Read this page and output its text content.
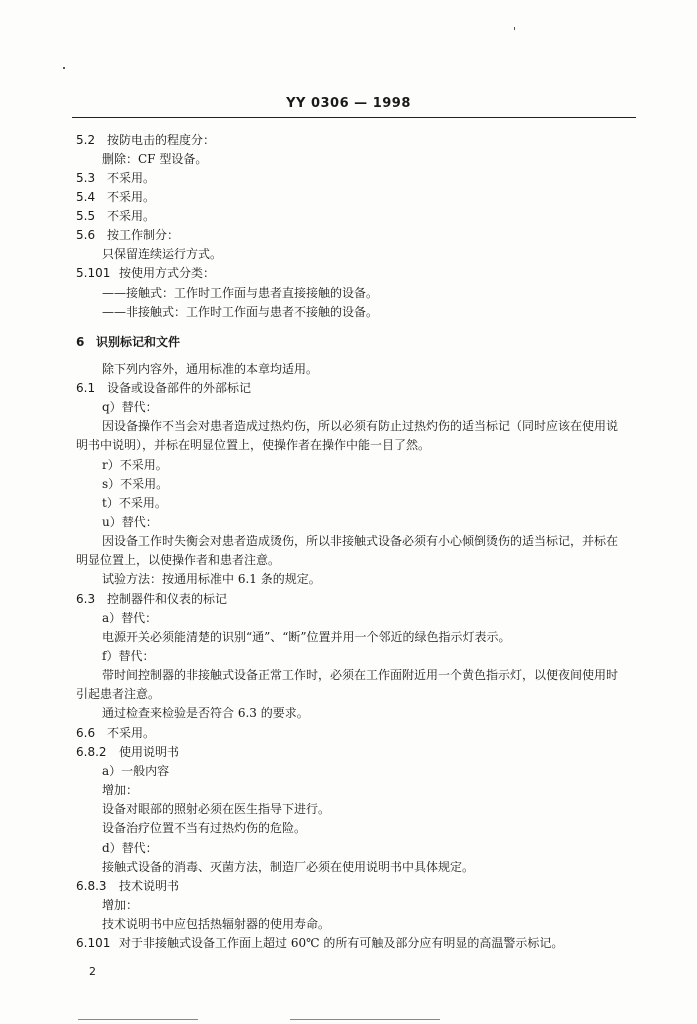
YY 0306 — 1998
5.2 按防电击的程度分：
删除：CF 型设备。
5.3 不采用。
5.4 不采用。
5.5 不采用。
5.6 按工作制分：
只保留连续运行方式。
5.101 按使用方式分类：
——接触式：工作时工作面与患者直接接触的设备。
——非接触式：工作时工作面与患者不接触的设备。
6 识别标记和文件
除下列内容外，通用标准的本章均适用。
6.1 设备或设备部件的外部标记
q）替代：
因设备操作不当会对患者造成过热灼伤，所以必须有防止过热灼伤的适当标记（同时应该在使用说
明书中说明），并标在明显位置上，使操作者在操作中能一目了然。
r）不采用。
s）不采用。
t）不采用。
u）替代：
因设备工作时失衡会对患者造成烫伤，所以非接触式设备必须有小心倾倒烫伤的适当标记，并标在
明显位置上，以使操作者和患者注意。
试验方法：按通用标准中 6.1 条的规定。
6.3 控制器件和仪表的标记
a）替代：
电源开关必须能清楚的识别“通”、“断”位置并用一个邻近的绿色指示灯表示。
f）替代：
带时间控制器的非接触式设备正常工作时，必须在工作面附近用一个黄色指示灯，以便夜间使用时
引起患者注意。
通过检查来检验是否符合 6.3 的要求。
6.6 不采用。
6.8.2 使用说明书
a）一般内容
增加：
设备对眼部的照射必须在医生指导下进行。
设备治疗位置不当有过热灼伤的危险。
d）替代：
接触式设备的消毒、灭菌方法，制造厂必须在使用说明书中具体规定。
6.8.3 技术说明书
增加：
技术说明书中应包括热辐射器的使用寿命。
6.101 对于非接触式设备工作面上超过 60℃ 的所有可触及部分应有明显的高温警示标记。
2
